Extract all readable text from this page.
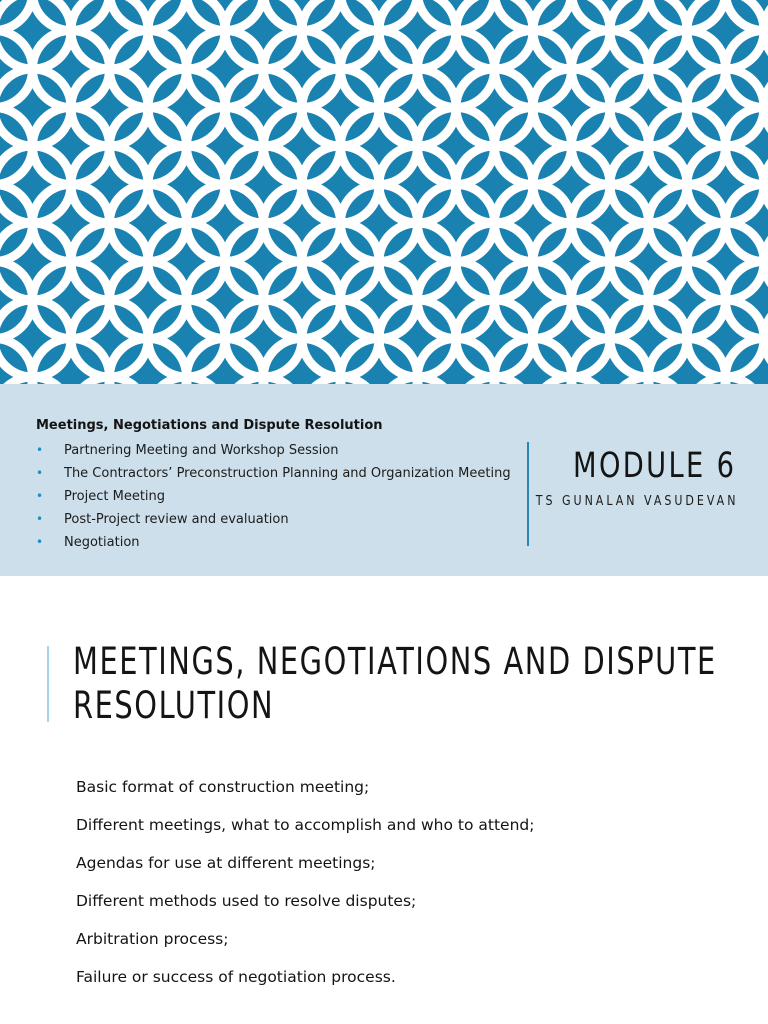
Meetings, Negotiations and Dispute Resolution
• Partnering Meeting and Workshop Session
• The Contractors’ Preconstruction Planning and Organization Meeting
• Project Meeting
• Post-Project review and evaluation
• Negotiation
MODULE 6
TS GUNALAN VASUDEVAN
MEETINGS, NEGOTIATIONS AND DISPUTE
RESOLUTION
Basic format of construction meeting;
Different meetings, what to accomplish and who to attend;
Agendas for use at different meetings;
Different methods used to resolve disputes;
Arbitration process;
Failure or success of negotiation process.
